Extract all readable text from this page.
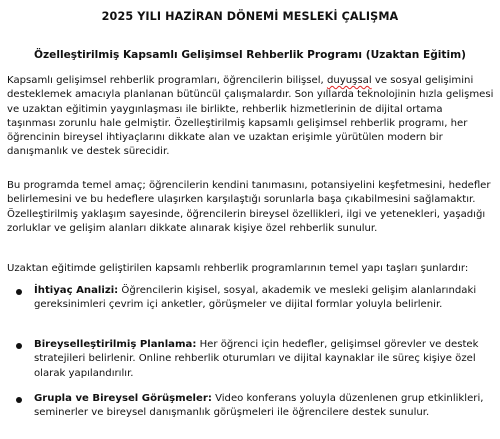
2025 YILI HAZİRAN DÖNEMİ MESLEKİ ÇALIŞMA
Özelleştirilmiş Kapsamlı Gelişimsel Rehberlik Programı (Uzaktan Eğitim)

Kapsamlı gelişimsel rehberlik programları, öğrencilerin bilişsel, duyuşsal ve sosyal gelişimini desteklemek amacıyla planlanan bütüncül çalışmalardır. Son yıllarda teknolojinin hızla gelişmesi ve uzaktan eğitimin yaygınlaşması ile birlikte, rehberlik hizmetlerinin de dijital ortama taşınması zorunlu hale gelmiştir. Özelleştirilmiş kapsamlı gelişimsel rehberlik programı, her öğrencinin bireysel ihtiyaçlarını dikkate alan ve uzaktan erişimle yürütülen modern bir danışmanlık ve destek sürecidir.

Bu programda temel amaç; öğrencilerin kendini tanımasını, potansiyelini keşfetmesini, hedefler belirlemesini ve bu hedeflere ulaşırken karşılaştığı sorunlarla başa çıkabilmesini sağlamaktır. Özelleştirilmiş yaklaşım sayesinde, öğrencilerin bireysel özellikleri, ilgi ve yetenekleri, yaşadığı zorluklar ve gelişim alanları dikkate alınarak kişiye özel rehberlik sunulur.

Uzaktan eğitimde geliştirilen kapsamlı rehberlik programlarının temel yapı taşları şunlardır:

İhtiyaç Analizi: Öğrencilerin kişisel, sosyal, akademik ve mesleki gelişim alanlarındaki gereksinimleri çevrim içi anketler, görüşmeler ve dijital formlar yoluyla belirlenir.
Bireyselleştirilmiş Planlama: Her öğrenci için hedefler, gelişimsel görevler ve destek stratejileri belirlenir. Online rehberlik oturumları ve dijital kaynaklar ile süreç kişiye özel olarak yapılandırılır.
Grupla ve Bireysel Görüşmeler: Video konferans yoluyla düzenlenen grup etkinlikleri, seminerler ve bireysel danışmanlık görüşmeleri ile öğrencilere destek sunulur.
